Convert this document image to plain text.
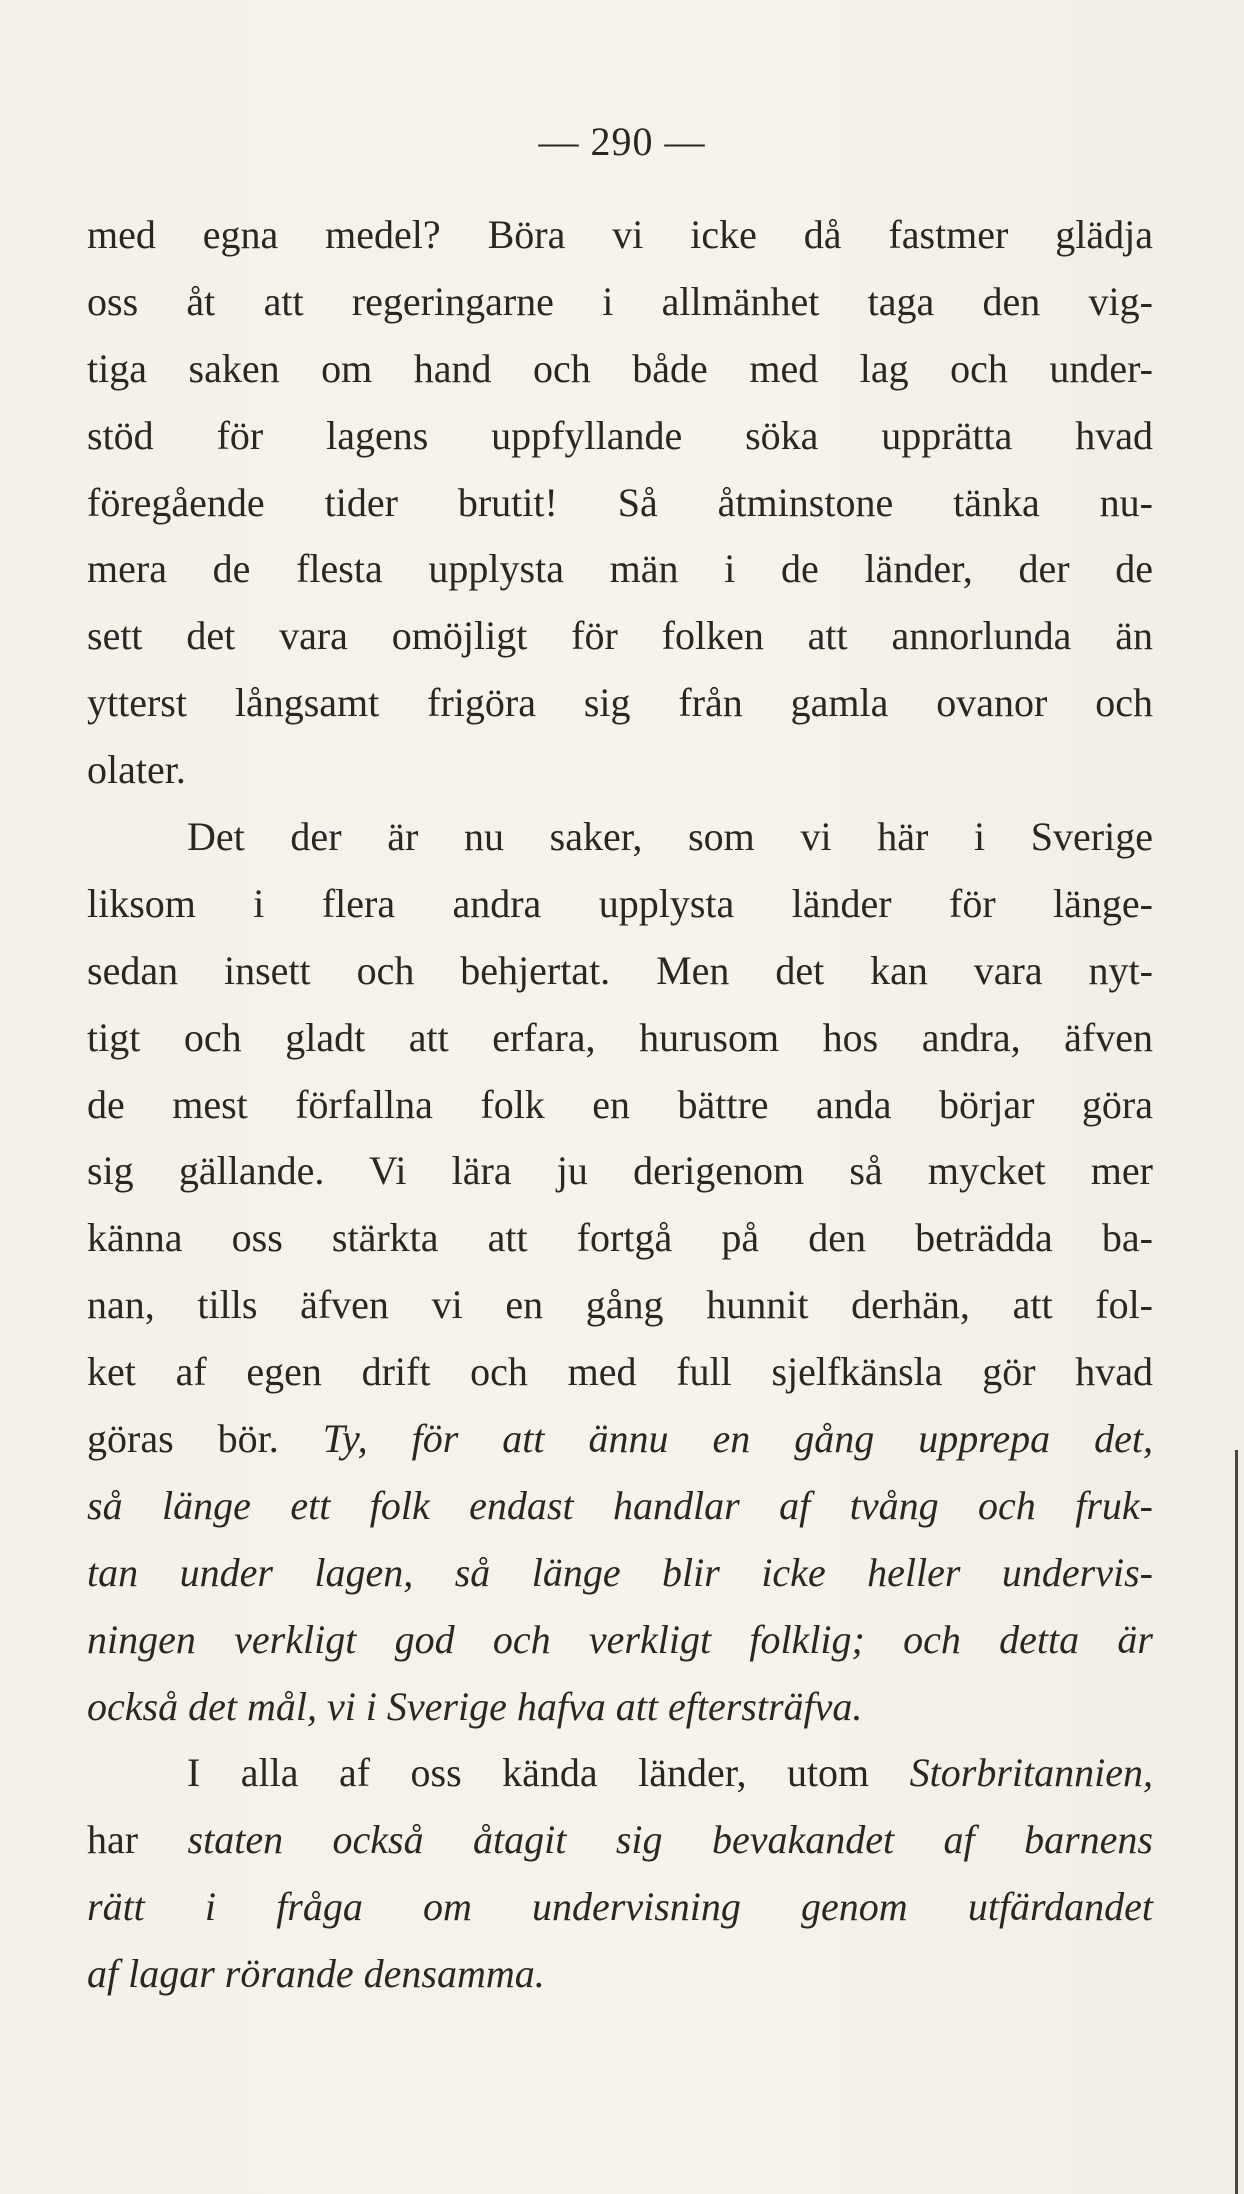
— 290 —
med egna medel? Böra vi icke då fastmer glädja
oss åt att regeringarne i allmänhet taga den vig-
tiga saken om hand och både med lag och under-
stöd för lagens uppfyllande söka upprätta hvad
föregående tider brutit! Så åtminstone tänka nu-
mera de flesta upplysta män i de länder, der de
sett det vara omöjligt för folken att annorlunda än
ytterst långsamt frigöra sig från gamla ovanor och
olater.
Det der är nu saker, som vi här i Sverige
liksom i flera andra upplysta länder för länge-
sedan insett och behjertat. Men det kan vara nyt-
tigt och gladt att erfara, hurusom hos andra, äfven
de mest förfallna folk en bättre anda börjar göra
sig gällande. Vi lära ju derigenom så mycket mer
känna oss stärkta att fortgå på den beträdda ba-
nan, tills äfven vi en gång hunnit derhän, att fol-
ket af egen drift och med full sjelfkänsla gör hvad
göras bör. Ty, för att ännu en gång upprepa det,
så länge ett folk endast handlar af tvång och fruk-
tan under lagen, så länge blir icke heller undervis-
ningen verkligt god och verkligt folklig; och detta är
också det mål, vi i Sverige hafva att eftersträfva.
I alla af oss kända länder, utom Storbritannien,
har staten också åtagit sig bevakandet af barnens
rätt i fråga om undervisning genom utfärdandet
af lagar rörande densamma.
